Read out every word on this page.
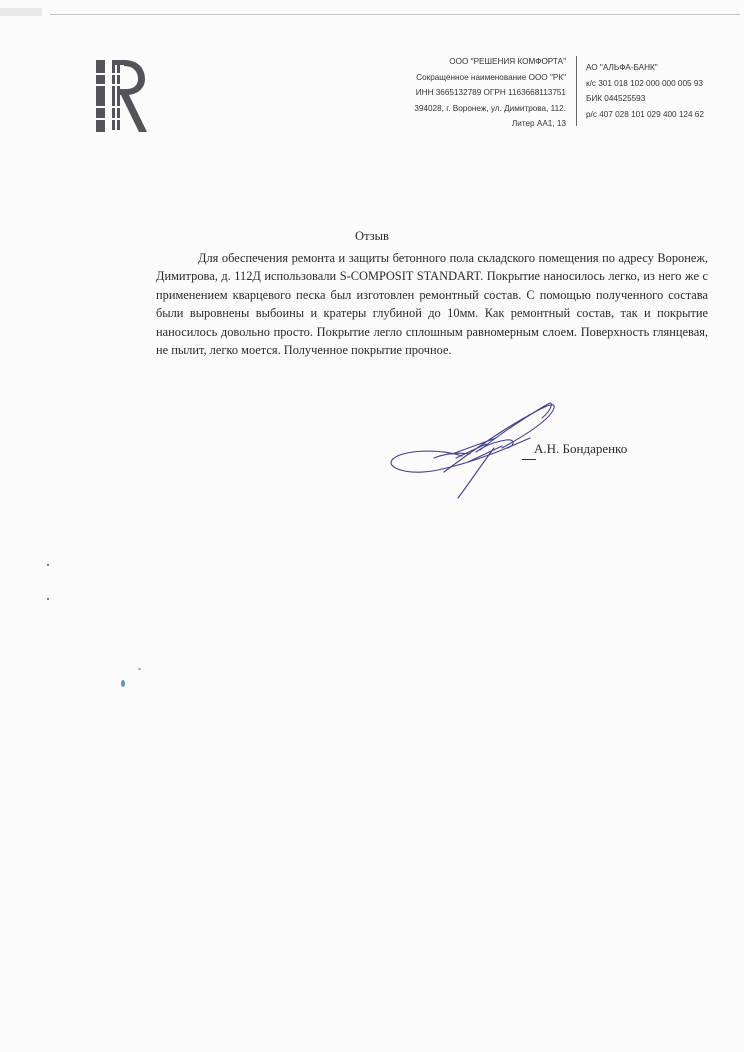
ООО "РЕШЕНИЯ КОМФОРТА"
Сокращенное наименование ООО "РК"
ИНН 3665132789 ОГРН 1163668113751
394028, г. Воронеж, ул. Димитрова, 112.
Литер АА1, 13
АО "АЛЬФА-БАНК"
к/с 301 018 102 000 000 005 93
БИК 044525593
р/с 407 028 101 029 400 124 62
Отзыв

Для обеспечения ремонта и защиты бетонного пола складского помещения по адресу Воронеж, Димитрова, д. 112Д использовали S-COMPOSIT STANDART. Покрытие наносилось легко, из него же с применением кварцевого песка был изготовлен ремонтный состав. С помощью полученного состава были выровнены выбоины и кратеры глубиной до 10мм. Как ремонтный состав, так и покрытие наносилось довольно просто. Покрытие легло сплошным равномерным слоем. Поверхность глянцевая, не пылит, легко моется. Полученное покрытие прочное.

А.Н. Бондаренко
